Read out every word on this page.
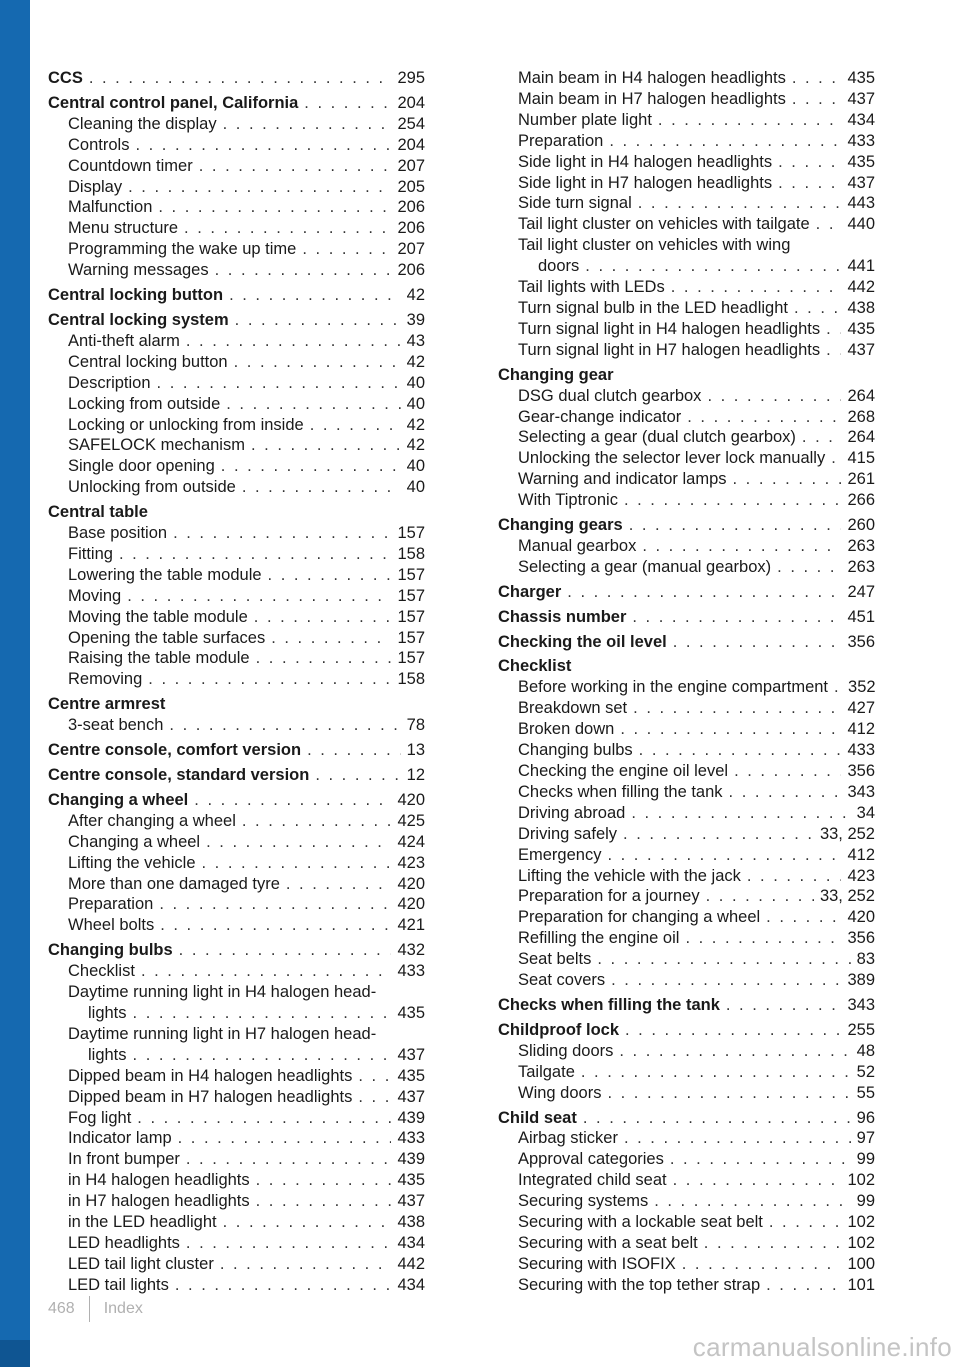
CCS . . .	295
Central control panel, California . . .	204
Cleaning the display . . .	254
Controls . . .	204
Countdown timer . . .	207
Display . . .	205
Malfunction . . .	206
Menu structure . . .	206
Programming the wake up time . . .	207
Warning messages . . .	206
Central locking button . . .	42
Central locking system . . .	39
Anti-theft alarm . . .	43
Central locking button . . .	42
Description . . .	40
Locking from outside . . .	40
Locking or unlocking from inside . . .	42
SAFELOCK mechanism . . .	42
Single door opening . . .	40
Unlocking from outside . . .	40
Central table
Base position . . .	157
Fitting . . .	158
Lowering the table module . . .	157
Moving . . .	157
Moving the table module . . .	157
Opening the table surfaces . . .	157
Raising the table module . . .	157
Removing . . .	158
Centre armrest
3-seat bench . . .	78
Centre console, comfort version . . .	13
Centre console, standard version . . .	12
Changing a wheel . . .	420
After changing a wheel . . .	425
Changing a wheel . . .	424
Lifting the vehicle . . .	423
More than one damaged tyre . . .	420
Preparation . . .	420
Wheel bolts . . .	421
Changing bulbs . . .	432
Checklist . . .	433
Daytime running light in H4 halogen head-
lights . . .	435
Daytime running light in H7 halogen head-
lights . . .	437
Dipped beam in H4 halogen headlights . . .	435
Dipped beam in H7 halogen headlights . . .	437
Fog light . . .	439
Indicator lamp . . .	433
In front bumper . . .	439
in H4 halogen headlights . . .	435
in H7 halogen headlights . . .	437
in the LED headlight . . .	438
LED headlights . . .	434
LED tail light cluster . . .	442
LED tail lights . . .	434
Main beam in H4 halogen headlights . . .	435
Main beam in H7 halogen headlights . . .	437
Number plate light . . .	434
Preparation . . .	433
Side light in H4 halogen headlights . . .	435
Side light in H7 halogen headlights . . .	437
Side turn signal . . .	443
Tail light cluster on vehicles with tailgate . . . 440
Tail light cluster on vehicles with wing
doors . . .	441
Tail lights with LEDs . . .	442
Turn signal bulb in the LED headlight . . .	438
Turn signal light in H4 halogen headlights . . . 435
Turn signal light in H7 halogen headlights . . . 437
Changing gear
DSG dual clutch gearbox . . .	264
Gear-change indicator . . .	268
Selecting a gear (dual clutch gearbox) . . .	264
Unlocking the selector lever lock manually . . . 415
Warning and indicator lamps . . .	261
With Tiptronic . . .	266
Changing gears . . .	260
Manual gearbox . . .	263
Selecting a gear (manual gearbox) . . .	263
Charger . . .	247
Chassis number . . .	451
Checking the oil level . . .	356
Checklist
Before working in the engine compartment . . . 352
Breakdown set . . .	427
Broken down . . .	412
Changing bulbs . . .	433
Checking the engine oil level . . .	356
Checks when filling the tank . . .	343
Driving abroad . . .	34
Driving safely . . .	33, 252
Emergency . . .	412
Lifting the vehicle with the jack . . .	423
Preparation for a journey . . .	33, 252
Preparation for changing a wheel . . .	420
Refilling the engine oil . . .	356
Seat belts . . .	83
Seat covers . . .	389
Checks when filling the tank . . .	343
Childproof lock . . .	255
Sliding doors . . .	48
Tailgate . . .	52
Wing doors . . .	55
Child seat . . .	96
Airbag sticker . . .	97
Approval categories . . .	99
Integrated child seat . . .	102
Securing systems . . .	99
Securing with a lockable seat belt . . .	102
Securing with a seat belt . . .	102
Securing with ISOFIX . . .	100
Securing with the top tether strap . . .	101
468 Index
carmanualsonline.info
